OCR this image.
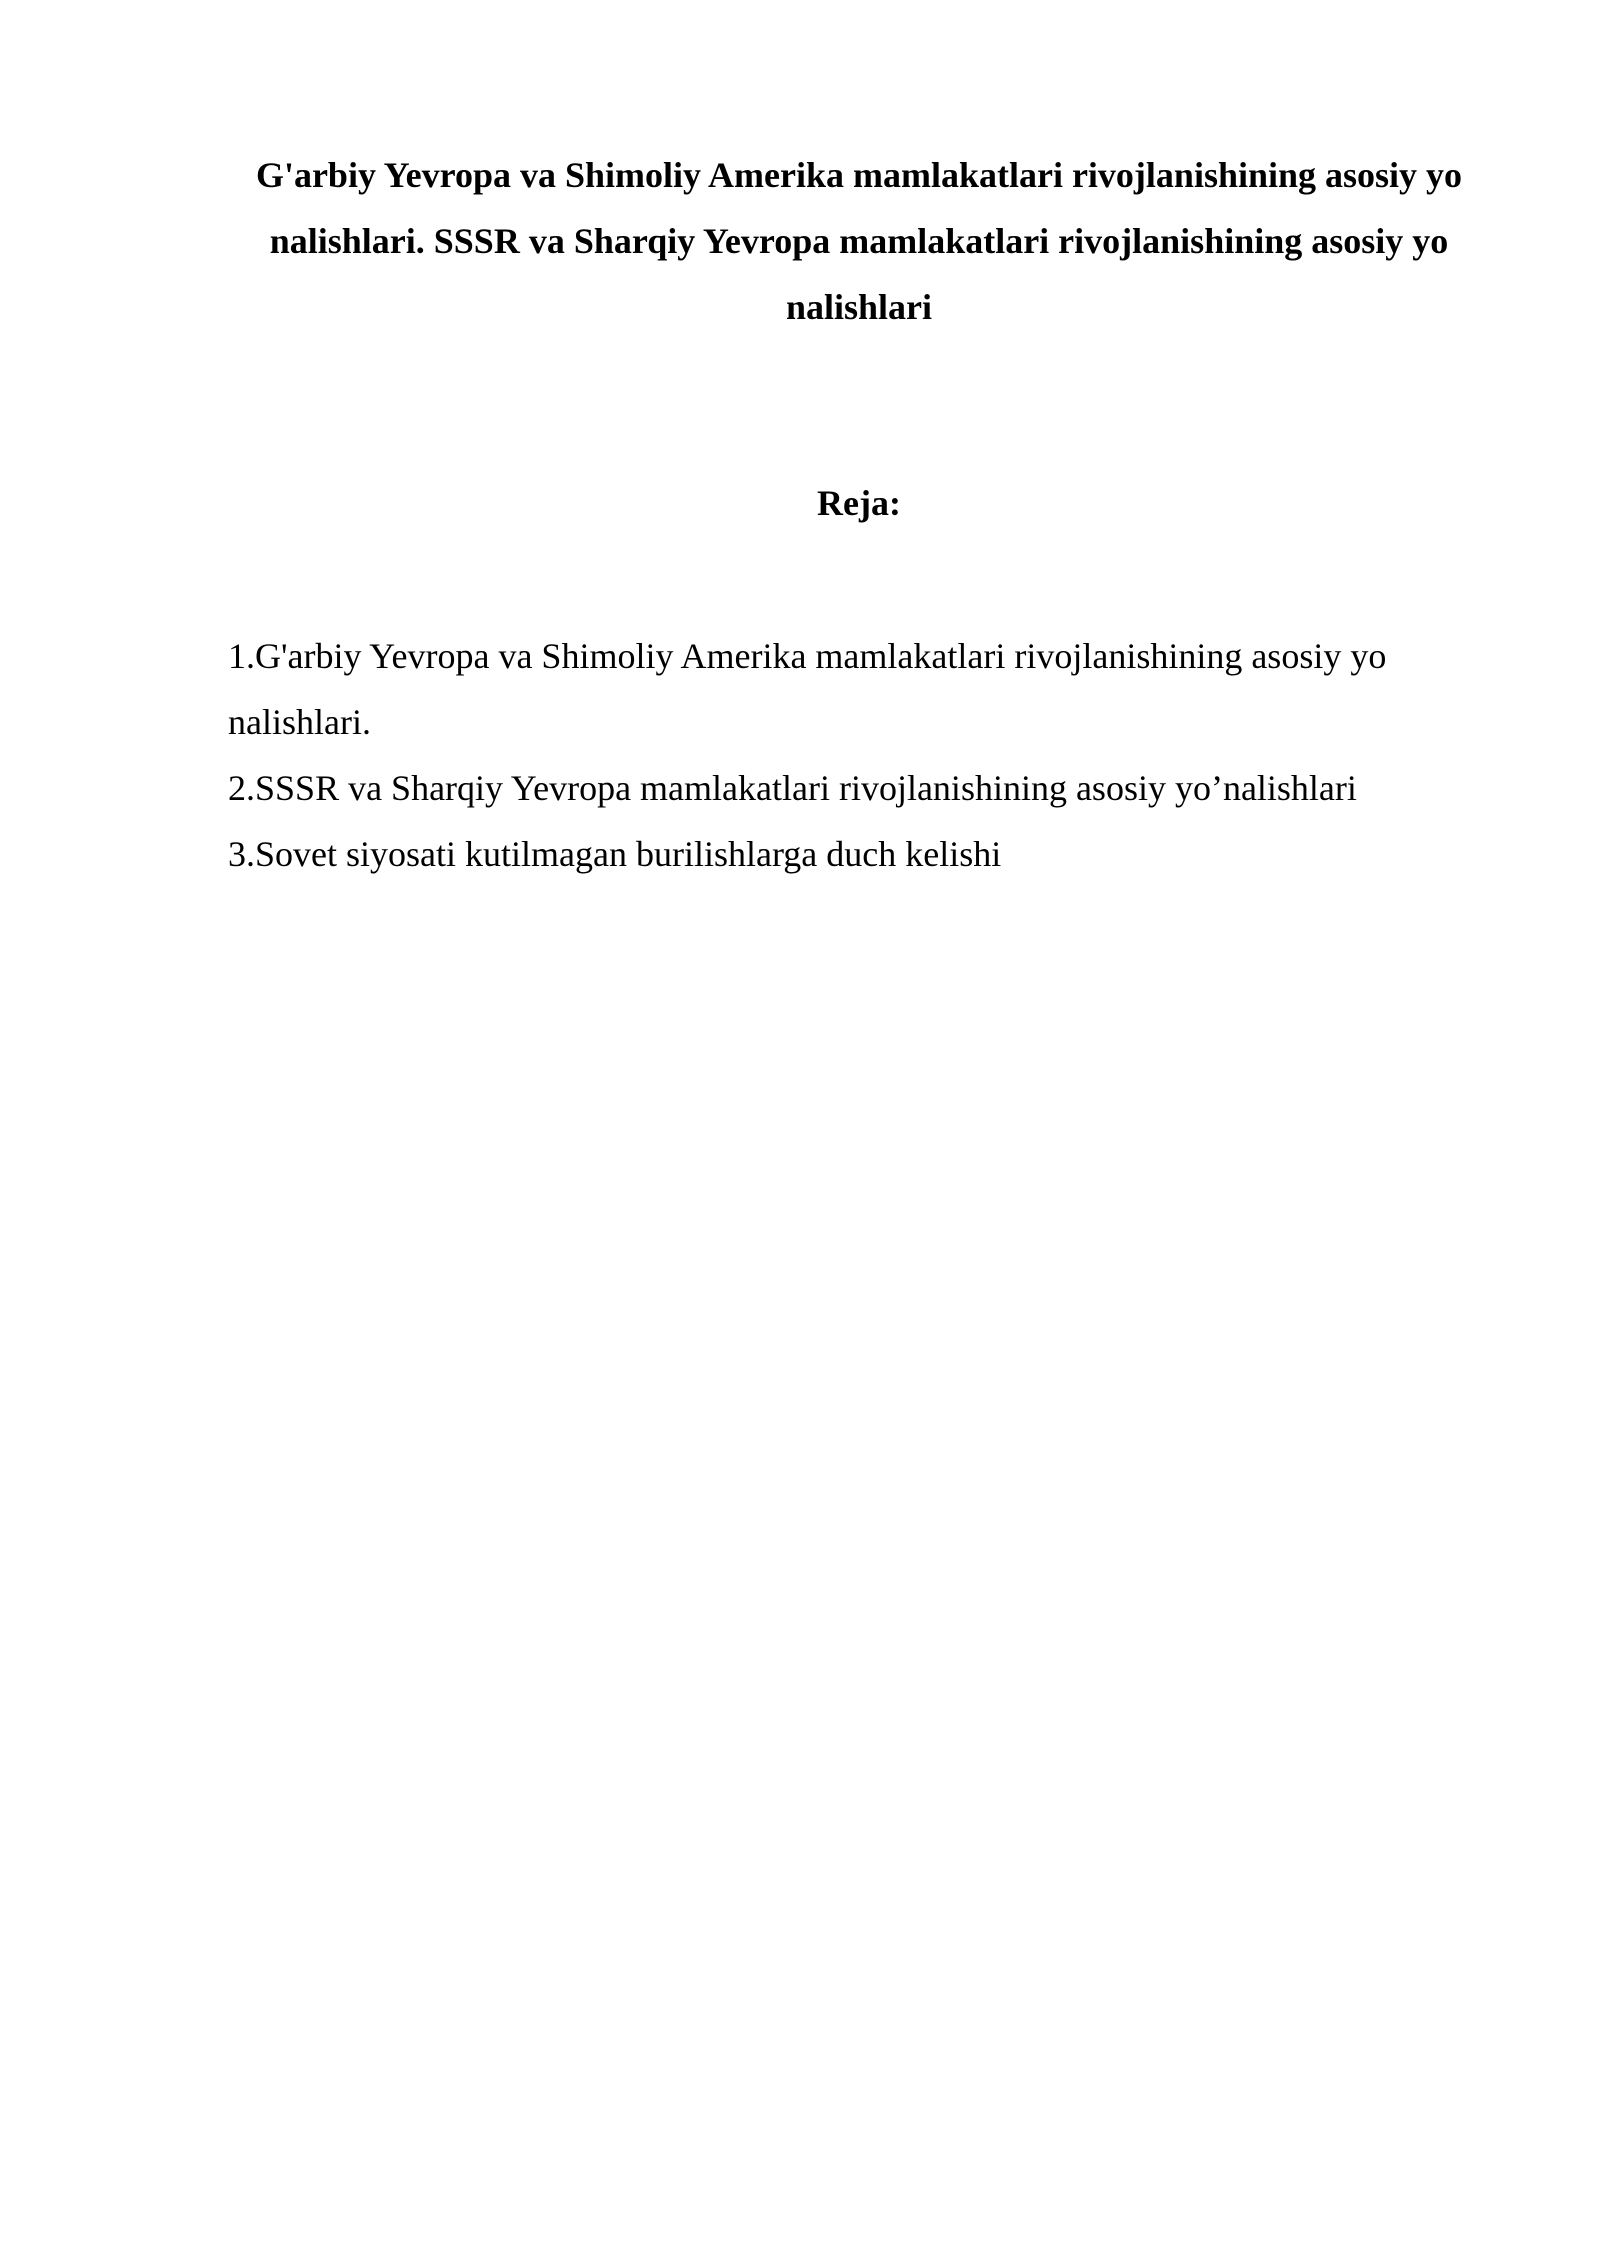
G'arbiy Yevropa va Shimoliy Amerika mamlakatlari rivojlanishining asosiy yo nalishlari. SSSR va Sharqiy Yevropa mamlakatlari rivojlanishining asosiy yo nalishlari
Reja:
1.G'arbiy Yevropa va Shimoliy Amerika mamlakatlari rivojlanishining asosiy yo nalishlari.
2.SSSR va Sharqiy Yevropa mamlakatlari rivojlanishining asosiy yo’nalishlari
3.Sovet siyosati kutilmagan burilishlarga duch kelishi
